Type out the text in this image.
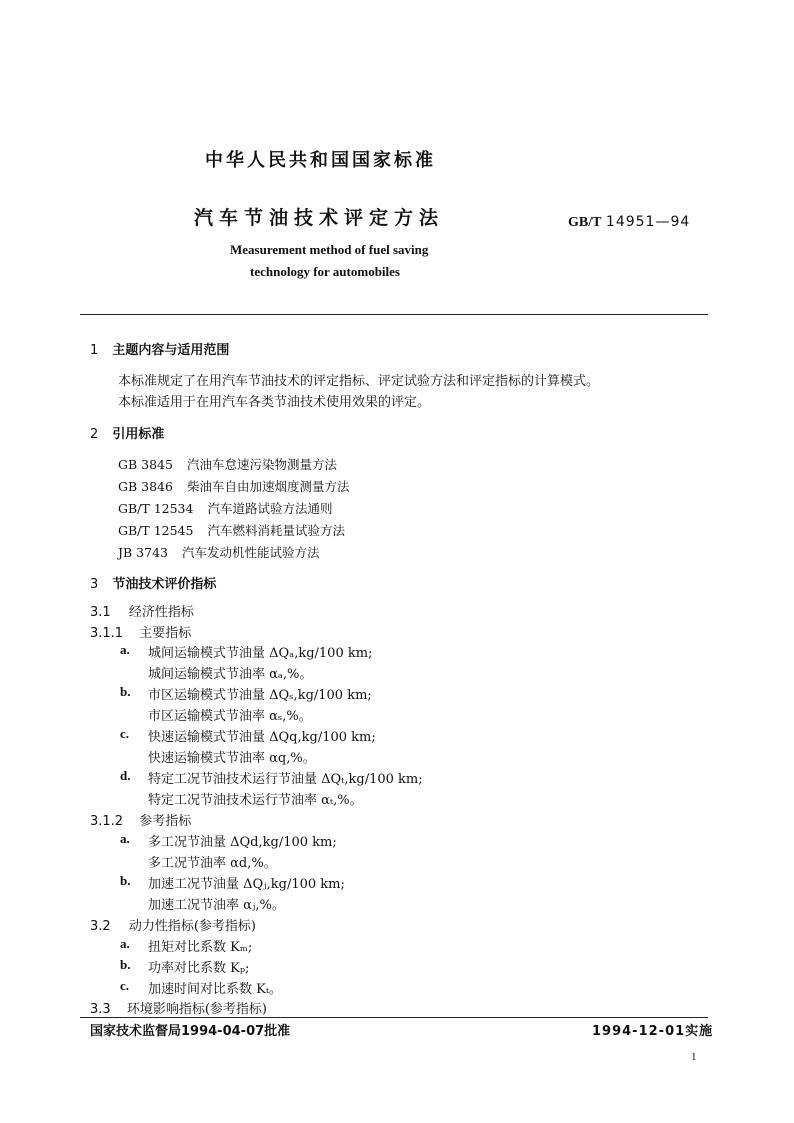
中华人民共和国国家标准
汽车节油技术评定方法	GB/T 14951—94
Measurement method of fuel saving
technology for automobiles
1 主题内容与适用范围
本标准规定了在用汽车节油技术的评定指标、评定试验方法和评定指标的计算模式。
本标准适用于在用汽车各类节油技术使用效果的评定。
2 引用标准
GB 3845 汽油车怠速污染物测量方法
GB 3846 柴油车自由加速烟度测量方法
GB/T 12534 汽车道路试验方法通则
GB/T 12545 汽车燃料消耗量试验方法
JB 3743 汽车发动机性能试验方法
3 节油技术评价指标
3.1 经济性指标
3.1.1 主要指标
a. 城间运输模式节油量 ΔQₐ,kg/100 km;
城间运输模式节油率 αₐ,%。
b. 市区运输模式节油量 ΔQₛ,kg/100 km;
市区运输模式节油率 αₛ,%。
c. 快速运输模式节油量 ΔQq,kg/100 km;
快速运输模式节油率 αq,%。
d. 特定工况节油技术运行节油量 ΔQₜ,kg/100 km;
特定工况节油技术运行节油率 αₜ,%。
3.1.2 参考指标
a. 多工况节油量 ΔQd,kg/100 km;
多工况节油率 αd,%。
b. 加速工况节油量 ΔQⱼ,kg/100 km;
加速工况节油率 αⱼ,%。
3.2 动力性指标(参考指标)
a. 扭矩对比系数 Kₘ;
b. 功率对比系数 Kₚ;
c. 加速时间对比系数 Kₜ。
3.3 环境影响指标(参考指标)
国家技术监督局1994-04-07批准	1994-12-01实施
1
